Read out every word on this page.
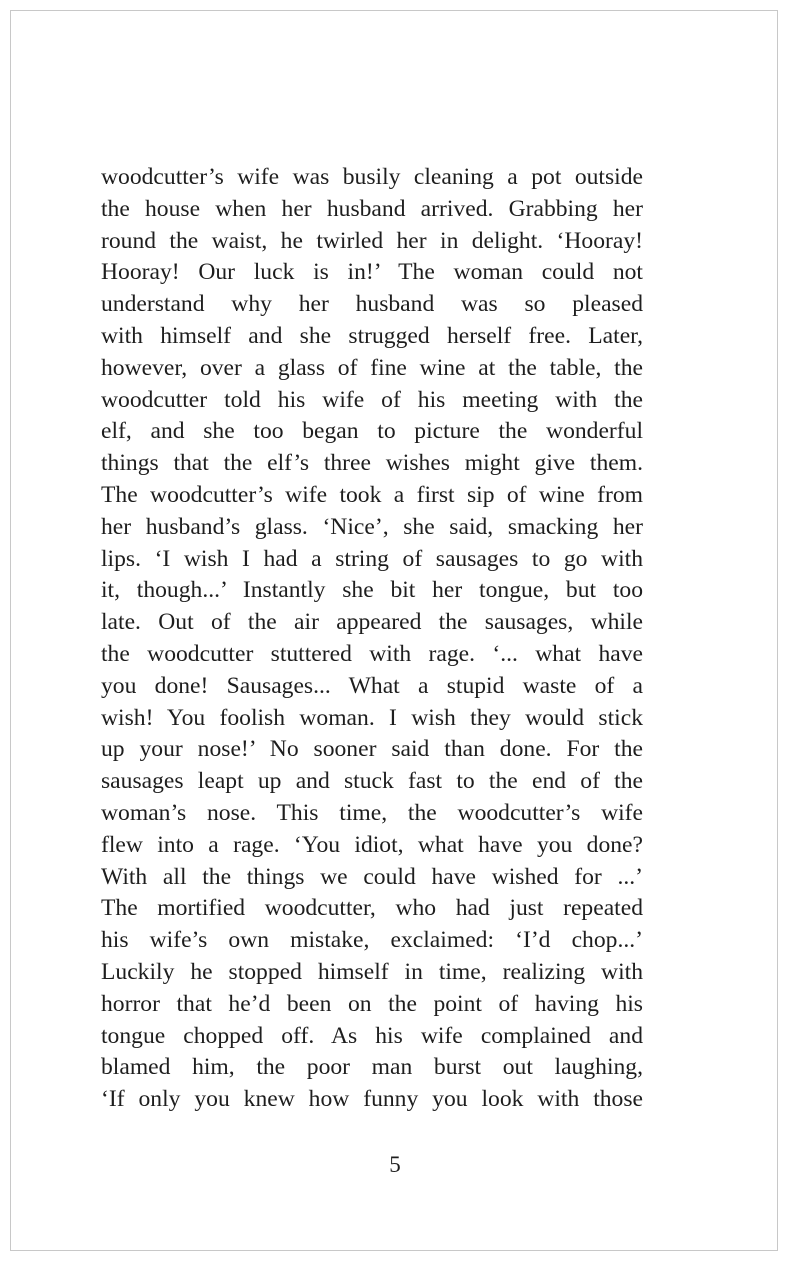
woodcutter’s wife was busily cleaning a pot outside
the house when her husband arrived. Grabbing her
round the waist, he twirled her in delight. ‘Hooray!
Hooray! Our luck is in!’ The woman could not
understand why her husband was so pleased
with himself and she strugged herself free. Later,
however, over a glass of fine wine at the table, the
woodcutter told his wife of his meeting with the
elf, and she too began to picture the wonderful
things that the elf’s three wishes might give them.
The woodcutter’s wife took a first sip of wine from
her husband’s glass. ‘Nice’, she said, smacking her
lips. ‘I wish I had a string of sausages to go with
it, though...’ Instantly she bit her tongue, but too
late. Out of the air appeared the sausages, while
the woodcutter stuttered with rage. ‘... what have
you done! Sausages... What a stupid waste of a
wish! You foolish woman. I wish they would stick
up your nose!’ No sooner said than done. For the
sausages leapt up and stuck fast to the end of the
woman’s nose. This time, the woodcutter’s wife
flew into a rage. ‘You idiot, what have you done?
With all the things we could have wished for ...’
The mortified woodcutter, who had just repeated
his wife’s own mistake, exclaimed: ‘I’d chop...’
Luckily he stopped himself in time, realizing with
horror that he’d been on the point of having his
tongue chopped off. As his wife complained and
blamed him, the poor man burst out laughing,
‘If only you knew how funny you look with those
5
